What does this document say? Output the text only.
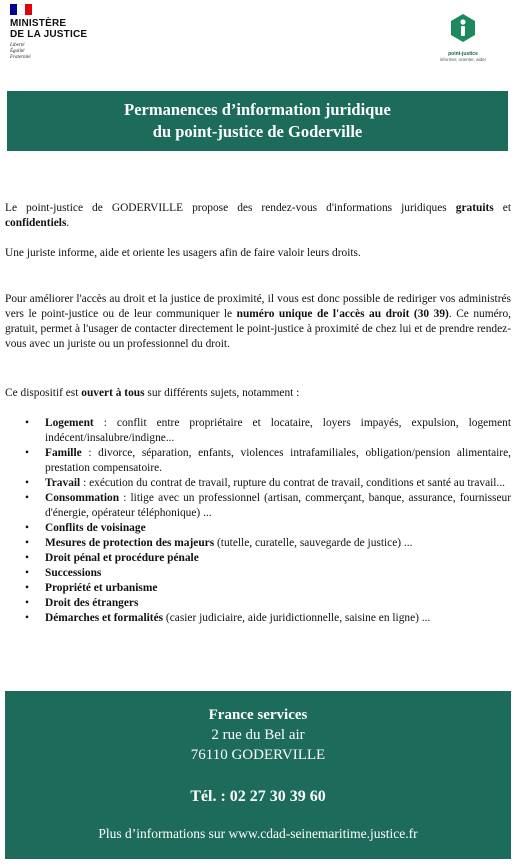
MINISTÈRE
DE LA JUSTICE
Liberté
Égalité
Fraternité
point-justice
informer, orienter, aider
Permanences d’information juridique
du point-justice de Goderville
Le point-justice de GODERVILLE propose des rendez-vous d'informations juridiques gratuits et confidentiels.
Une juriste informe, aide et oriente les usagers afin de faire valoir leurs droits.
Pour améliorer l'accès au droit et la justice de proximité, il vous est donc possible de rediriger vos administrés vers le point-justice ou de leur communiquer le numéro unique de l'accès au droit (30 39). Ce numéro, gratuit, permet à l'usager de contacter directement le point-justice à proximité de chez lui et de prendre rendez-vous avec un juriste ou un professionnel du droit.
Ce dispositif est ouvert à tous sur différents sujets, notamment :
• Logement : conflit entre propriétaire et locataire, loyers impayés, expulsion, logement indécent/insalubre/indigne...
• Famille : divorce, séparation, enfants, violences intrafamiliales, obligation/pension alimentaire, prestation compensatoire.
• Travail : exécution du contrat de travail, rupture du contrat de travail, conditions et santé au travail...
• Consommation : litige avec un professionnel (artisan, commerçant, banque, assurance, fournisseur d'énergie, opérateur téléphonique) ...
• Conflits de voisinage
• Mesures de protection des majeurs (tutelle, curatelle, sauvegarde de justice) ...
• Droit pénal et procédure pénale
• Successions
• Propriété et urbanisme
• Droit des étrangers
• Démarches et formalités (casier judiciaire, aide juridictionnelle, saisine en ligne) ...
France services
2 rue du Bel air
76110 GODERVILLE
Tél. : 02 27 30 39 60
Plus d’informations sur www.cdad-seinemaritime.justice.fr
